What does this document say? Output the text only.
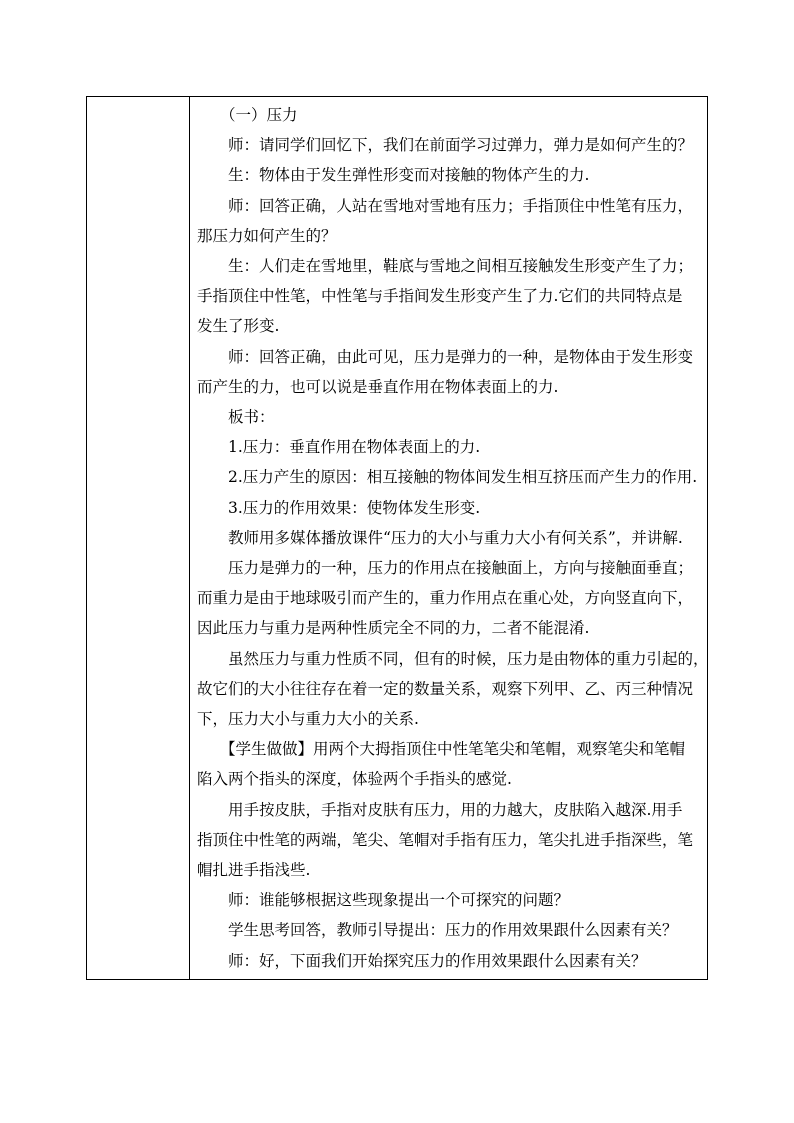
（一）压力

师：请同学们回忆下，我们在前面学习过弹力，弹力是如何产生的？

生：物体由于发生弹性形变而对接触的物体产生的力.

师：回答正确，人站在雪地对雪地有压力；手指顶住中性笔有压力，

那压力如何产生的？

生：人们走在雪地里，鞋底与雪地之间相互接触发生形变产生了力；

手指顶住中性笔，中性笔与手指间发生形变产生了力.它们的共同特点是

发生了形变.

师：回答正确，由此可见，压力是弹力的一种，是物体由于发生形变

而产生的力，也可以说是垂直作用在物体表面上的力.

板书：

1.压力：垂直作用在物体表面上的力.

2.压力产生的原因：相互接触的物体间发生相互挤压而产生力的作用.

3.压力的作用效果：使物体发生形变.

教师用多媒体播放课件“压力的大小与重力大小有何关系”，并讲解.

压力是弹力的一种，压力的作用点在接触面上，方向与接触面垂直；

而重力是由于地球吸引而产生的，重力作用点在重心处，方向竖直向下，

因此压力与重力是两种性质完全不同的力，二者不能混淆.

虽然压力与重力性质不同，但有的时候，压力是由物体的重力引起的，

故它们的大小往往存在着一定的数量关系，观察下列甲、乙、丙三种情况

下，压力大小与重力大小的关系.

【学生做做】用两个大拇指顶住中性笔笔尖和笔帽，观察笔尖和笔帽

陷入两个指头的深度，体验两个手指头的感觉.

用手按皮肤，手指对皮肤有压力，用的力越大，皮肤陷入越深.用手

指顶住中性笔的两端，笔尖、笔帽对手指有压力，笔尖扎进手指深些，笔

帽扎进手指浅些.

师：谁能够根据这些现象提出一个可探究的问题？

学生思考回答，教师引导提出：压力的作用效果跟什么因素有关？

师：好，下面我们开始探究压力的作用效果跟什么因素有关？
